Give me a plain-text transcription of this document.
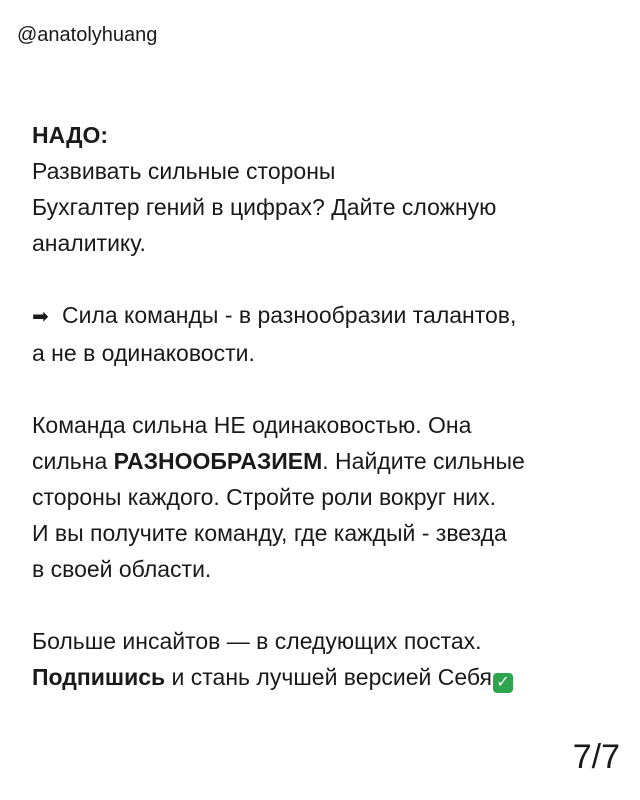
@anatolyhuang
НАДО:
Развивать сильные стороны
Бухгалтер гений в цифрах? Дайте сложную
аналитику.
➡ Сила команды - в разнообразии талантов,
а не в одинаковости.
Команда сильна НЕ одинаковостью. Она
сильна РАЗНООБРАЗИЕМ. Найдите сильные
стороны каждого. Стройте роли вокруг них.
И вы получите команду, где каждый - звезда
в своей области.
Больше инсайтов — в следующих постах.
Подпишись и стань лучшей версией Себя ✓
7/7
